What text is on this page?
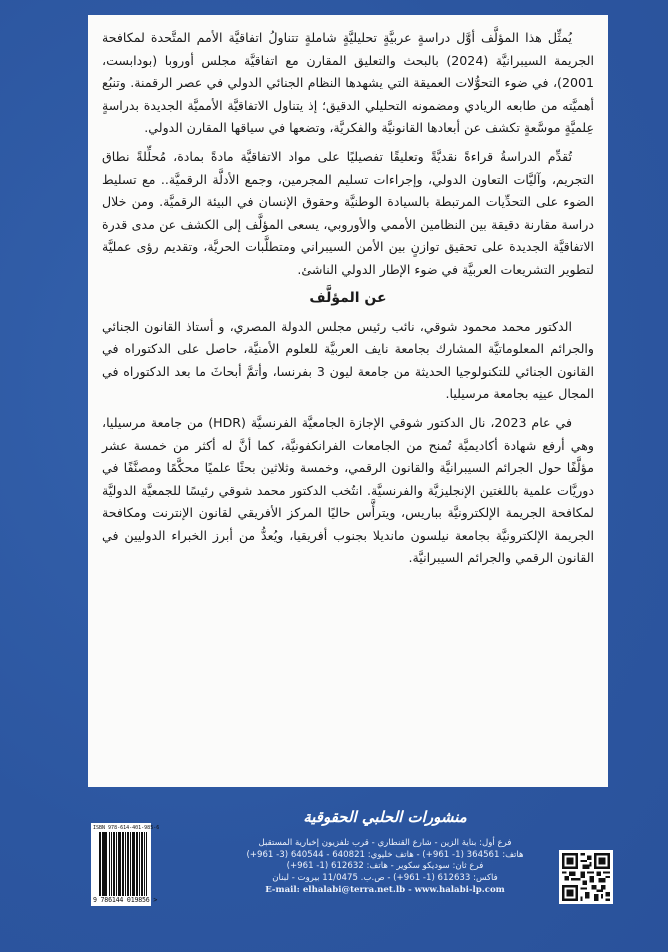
يُمثِّل هذا المؤلَّف أوَّل دراسةٍ عربيَّةٍ تحليليَّةٍ شاملةٍ تتناولُ اتفاقيَّة الأمم المتَّحدة لمكافحة الجريمة السيبرانيَّة (2024) بالبحث والتعليق المقارن مع اتفاقيَّة مجلس أوروبا (بودابست، 2001)، في ضوء التحوُّلات العميقة التي يشهدها النظام الجنائي الدولي في عصر الرقمنة. وتنبُع أهميَّته من طابعه الريادي ومضمونه التحليلي الدقيق؛ إذ يتناول الاتفاقيَّة الأمميَّة الجديدة بدراسةٍ عِلميَّةٍ موسَّعةٍ تكشف عن أبعادها القانونيَّة والفكريَّة، وتضعها في سياقها المقارن الدولي.

تُقدِّم الدراسةُ قراءةً نقديَّةً وتعليقًا تفصيليًا على مواد الاتفاقيَّة مادةً بمادة، مُحلِّلةً نطاق التجريم، وآليَّات التعاون الدولي، وإجراءات تسليم المجرمين، وجمع الأدلَّة الرقميَّة.. مع تسليط الضوء على التحدِّيات المرتبطة بالسيادة الوطنيَّة وحقوق الإنسان في البيئة الرقميَّة. ومن خلال دراسة مقارنة دقيقة بين النظامين الأممي والأوروبي، يسعى المؤلَّف إلى الكشف عن مدى قدرة الاتفاقيَّة الجديدة على تحقيق توازنٍ بين الأمن السيبراني ومتطلَّبات الحريَّة، وتقديم رؤى عمليَّة لتطوير التشريعات العربيَّة في ضوء الإطار الدولي الناشئ.

عن المؤلَّف

الدكتور محمد محمود شوقي، نائب رئيس مجلس الدولة المصري، و أستاذ القانون الجنائي والجرائم المعلوماتيَّة المشارك بجامعة نايف العربيَّة للعلوم الأمنيَّة، حاصل على الدكتوراه في القانون الجنائي للتكنولوجيا الحديثة من جامعة ليون 3 بفرنسا، وأتمَّ أبحاثَ ما بعد الدكتوراه في المجال عينِه بجامعة مرسيليا.

في عام 2023، نال الدكتور شوقي الإجازة الجامعيَّة الفرنسيَّة (HDR) من جامعة مرسيليا، وهي أرفع شهادة أكاديميَّة تُمنح من الجامعات الفرانكفونيَّة، كما أنَّ له أكثر من خمسة عشر مؤلَّفًا حول الجرائم السيبرانيَّة والقانون الرقمي، وخمسة وثلاثين بحثًا علميًا محكَّمًا ومصنَّفًا في دوريَّات علمية باللغتين الإنجليزيَّة والفرنسيَّة. انتُخب الدكتور محمد شوقي رئيسًا للجمعيَّة الدوليَّة لمكافحة الجريمة الإلكترونيَّة بباريس، ويترأَّس حاليًا المركز الأفريقي لقانون الإنترنت ومكافحة الجريمة الإلكترونيَّة بجامعة نيلسون مانديلا بجنوب أفريقيا، ويُعدُّ من أبرز الخبراء الدوليين في القانون الرقمي والجرائم السيبرانيَّة.

ISBN 978-614-401-985-6
9 786144 019856 >
منشورات الحلبي الحقوقية
فرع أول: بناية الزين - شارع القنطاري - قرب تلفزيون إخبارية المستقبل
هاتف: 364561 (1- 961+) - هاتف خليوي: 640821 - 640544 (3- 961+)
فرع ثان: سوديكو سكوير - هاتف: 612632 (1- 961+)
فاكس: 612633 (1- 961+) - ص.ب. 11/0475 بيروت - لبنان
E-mail: elhalabi@terra.net.lb - www.halabi-lp.com
